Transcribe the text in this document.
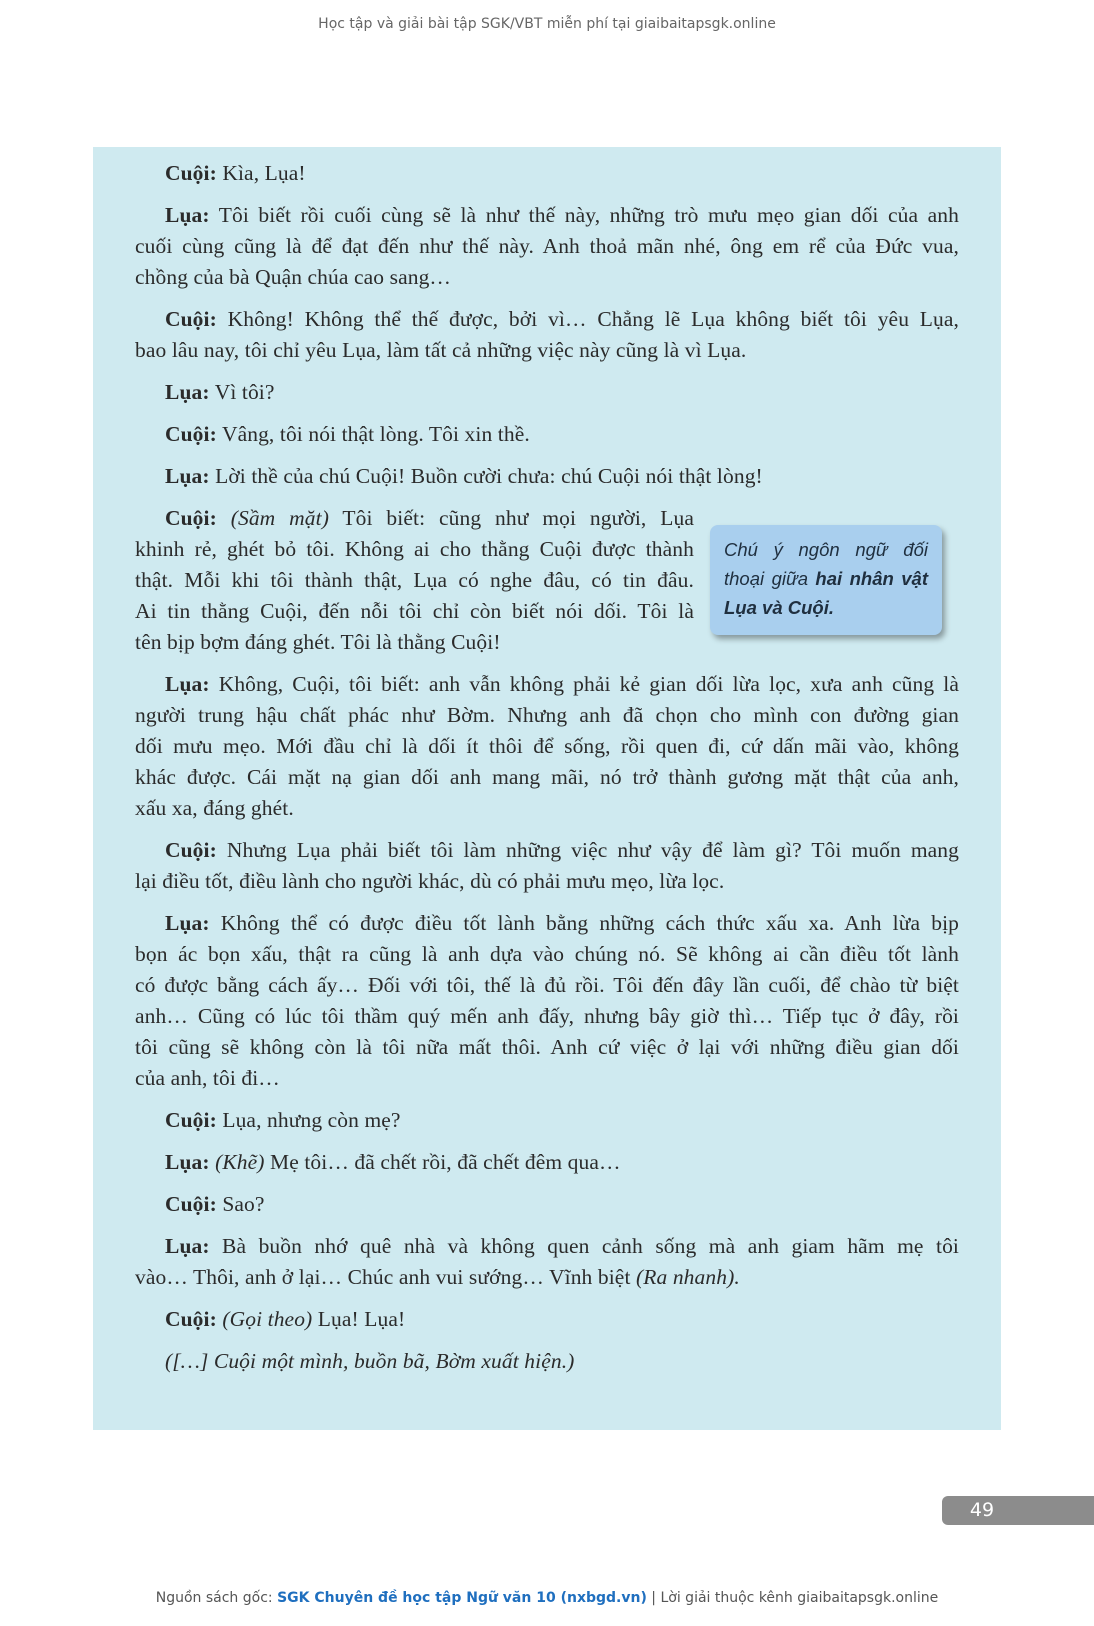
Học tập và giải bài tập SGK/VBT miễn phí tại giaibaitapsgk.online
Cuội: Kìa, Lụa!
Lụa: Tôi biết rồi cuối cùng sẽ là như thế này, những trò mưu mẹo gian dối của anh
cuối cùng cũng là để đạt đến như thế này. Anh thoả mãn nhé, ông em rể của Đức vua,
chồng của bà Quận chúa cao sang…
Cuội: Không! Không thể thế được, bởi vì… Chẳng lẽ Lụa không biết tôi yêu Lụa,
bao lâu nay, tôi chỉ yêu Lụa, làm tất cả những việc này cũng là vì Lụa.
Lụa: Vì tôi?
Cuội: Vâng, tôi nói thật lòng. Tôi xin thề.
Lụa: Lời thề của chú Cuội! Buồn cười chưa: chú Cuội nói thật lòng!
Cuội: (Sầm mặt) Tôi biết: cũng như mọi người, Lụa
khinh rẻ, ghét bỏ tôi. Không ai cho thằng Cuội được thành
thật. Mỗi khi tôi thành thật, Lụa có nghe đâu, có tin đâu.
Ai tin thằng Cuội, đến nỗi tôi chỉ còn biết nói dối. Tôi là
tên bịp bợm đáng ghét. Tôi là thằng Cuội!
Chú ý ngôn ngữ đối thoại giữa hai nhân vật Lụa và Cuội.
Lụa: Không, Cuội, tôi biết: anh vẫn không phải kẻ gian dối lừa lọc, xưa anh cũng là
người trung hậu chất phác như Bờm. Nhưng anh đã chọn cho mình con đường gian
dối mưu mẹo. Mới đầu chỉ là dối ít thôi để sống, rồi quen đi, cứ dấn mãi vào, không
khác được. Cái mặt nạ gian dối anh mang mãi, nó trở thành gương mặt thật của anh,
xấu xa, đáng ghét.
Cuội: Nhưng Lụa phải biết tôi làm những việc như vậy để làm gì? Tôi muốn mang
lại điều tốt, điều lành cho người khác, dù có phải mưu mẹo, lừa lọc.
Lụa: Không thể có được điều tốt lành bằng những cách thức xấu xa. Anh lừa bịp
bọn ác bọn xấu, thật ra cũng là anh dựa vào chúng nó. Sẽ không ai cần điều tốt lành
có được bằng cách ấy… Đối với tôi, thế là đủ rồi. Tôi đến đây lần cuối, để chào từ biệt
anh… Cũng có lúc tôi thầm quý mến anh đấy, nhưng bây giờ thì… Tiếp tục ở đây, rồi
tôi cũng sẽ không còn là tôi nữa mất thôi. Anh cứ việc ở lại với những điều gian dối
của anh, tôi đi…
Cuội: Lụa, nhưng còn mẹ?
Lụa: (Khẽ) Mẹ tôi… đã chết rồi, đã chết đêm qua…
Cuội: Sao?
Lụa: Bà buồn nhớ quê nhà và không quen cảnh sống mà anh giam hãm mẹ tôi
vào… Thôi, anh ở lại… Chúc anh vui sướng… Vĩnh biệt (Ra nhanh).
Cuội: (Gọi theo) Lụa! Lụa!
([…] Cuội một mình, buồn bã, Bờm xuất hiện.)
49
Nguồn sách gốc: SGK Chuyên đề học tập Ngữ văn 10 (nxbgd.vn) | Lời giải thuộc kênh giaibaitapsgk.online
